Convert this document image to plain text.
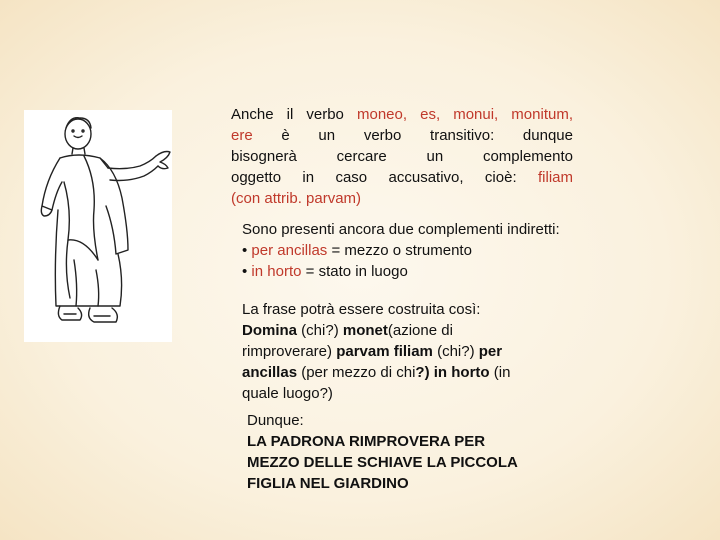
Anche il verbo moneo, es, monui, monitum,
ere è un verbo transitivo: dunque
bisognerà cercare un complemento
oggetto in caso accusativo, cioè: filiam
(con attrib. parvam)
Sono presenti ancora due complementi indiretti:
• per ancillas = mezzo o strumento
• in horto = stato in luogo
La frase potrà essere costruita così:
Domina (chi?) monet(azione di
rimproverare) parvam filiam (chi?) per
ancillas (per mezzo di chi?) in horto (in
quale luogo?)
Dunque:
LA PADRONA RIMPROVERA PER
MEZZO DELLE SCHIAVE LA PICCOLA
FIGLIA NEL GIARDINO
